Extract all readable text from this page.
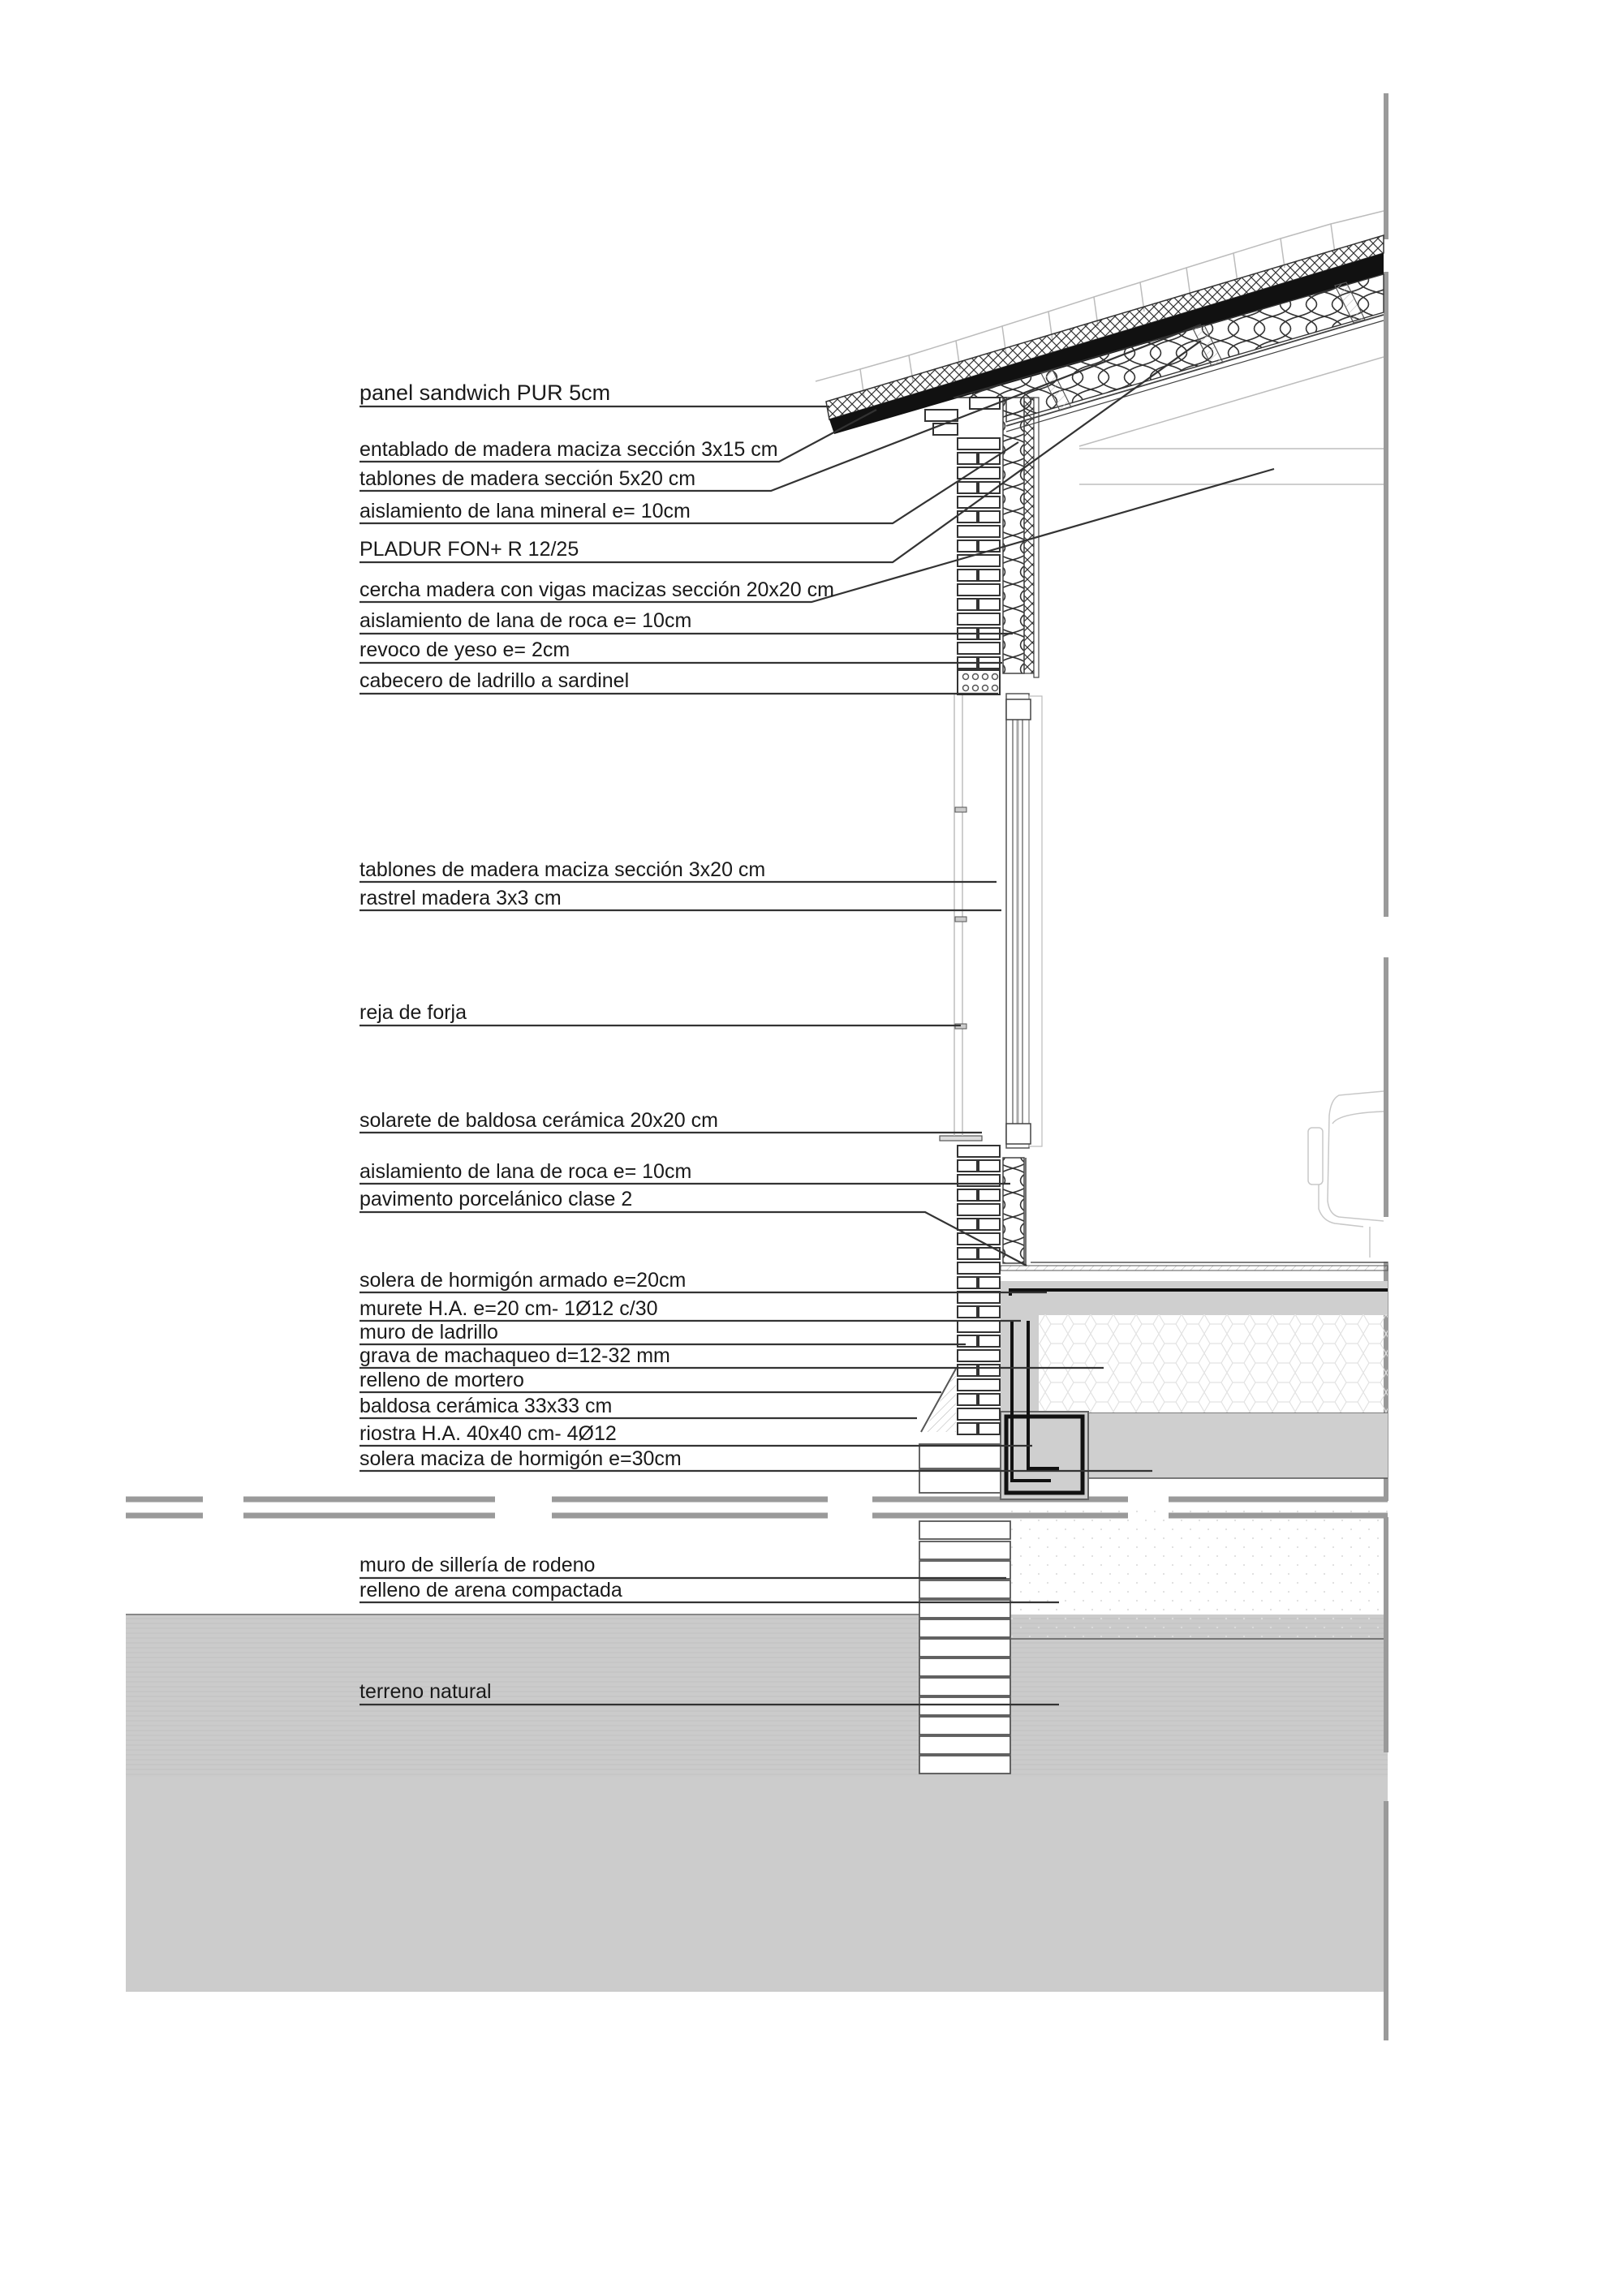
panel sandwich PUR 5cm
entablado de madera maciza sección 3x15 cm
tablones de madera sección 5x20 cm
aislamiento de lana mineral e= 10cm
PLADUR FON+ R 12/25
cercha madera con vigas macizas sección 20x20 cm
aislamiento de lana de roca e= 10cm
revoco de yeso e= 2cm
cabecero de ladrillo a sardinel
tablones de madera maciza sección 3x20 cm
rastrel madera 3x3 cm
reja de forja
solarete de baldosa cerámica 20x20 cm
aislamiento de lana de roca e= 10cm
pavimento porcelánico clase 2
solera de hormigón armado e=20cm
murete H.A. e=20 cm- 1Ø12 c/30
muro de ladrillo
grava de machaqueo d=12-32 mm
relleno de mortero
baldosa cerámica 33x33 cm
riostra H.A. 40x40 cm- 4Ø12
solera maciza de hormigón e=30cm
muro de sillería de rodeno
relleno de arena compactada
terreno natural
